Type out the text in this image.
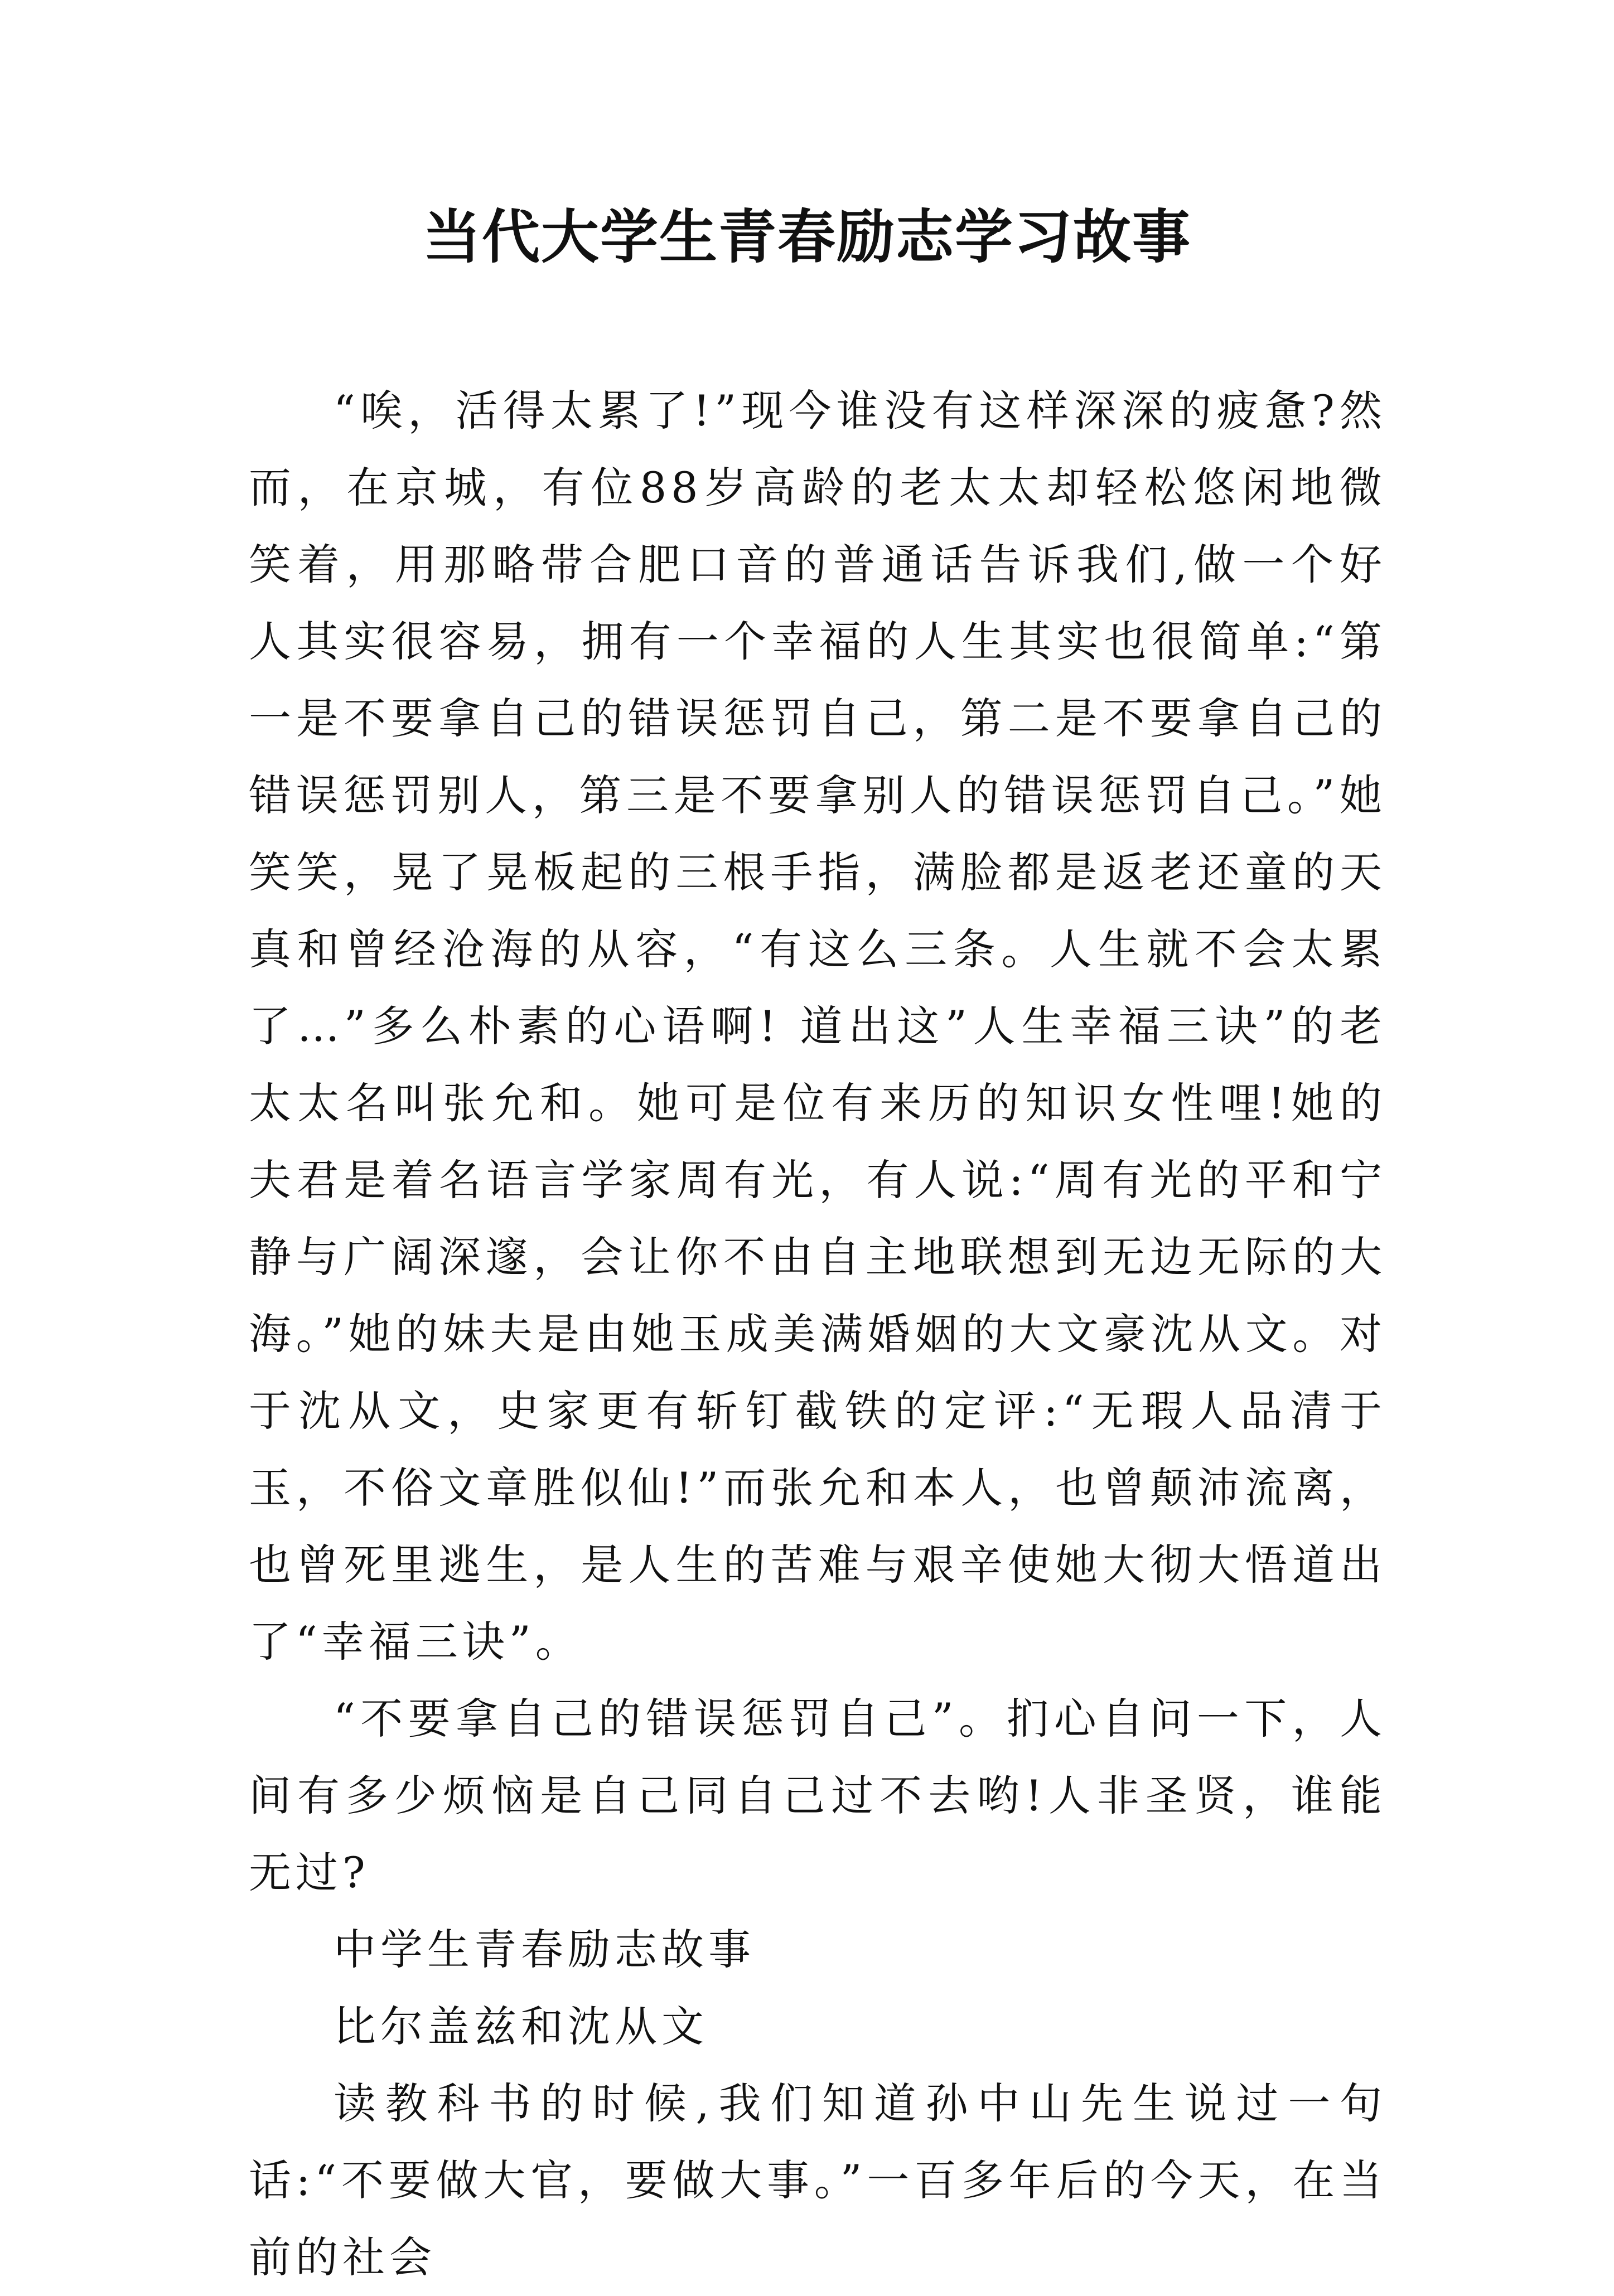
当代大学生青春励志学习故事

“唉，活得太累了!”现今谁没有这样深深的疲惫?然而，在京城，有位88岁高龄的老太太却轻松悠闲地微笑着，用那略带合肥口音的普通话告诉我们,做一个好人其实很容易，拥有一个幸福的人生其实也很简单:“第一是不要拿自己的错误惩罚自己，第二是不要拿自己的错误惩罚别人，第三是不要拿别人的错误惩罚自己。”她笑笑，晃了晃板起的三根手指，满脸都是返老还童的天真和曾经沧海的从容，“有这么三条。人生就不会太累了…”多么朴素的心语啊! 道出这”人生幸福三诀”的老太太名叫张允和。她可是位有来历的知识女性哩!她的夫君是着名语言学家周有光，有人说:“周有光的平和宁静与广阔深邃，会让你不由自主地联想到无边无际的大海。”她的妹夫是由她玉成美满婚姻的大文豪沈从文。对于沈从文，史家更有斩钉截铁的定评:“无瑕人品清于玉，不俗文章胜似仙!”而张允和本人，也曾颠沛流离，也曾死里逃生，是人生的苦难与艰辛使她大彻大悟道出了“幸福三诀”。

“不要拿自己的错误惩罚自己”。扪心自问一下，人间有多少烦恼是自己同自己过不去哟!人非圣贤，谁能无过?

中学生青春励志故事

比尔盖兹和沈从文

读教科书的时候,我们知道孙中山先生说过一句话:“不要做大官，要做大事。”一百多年后的今天，在当前的社会
